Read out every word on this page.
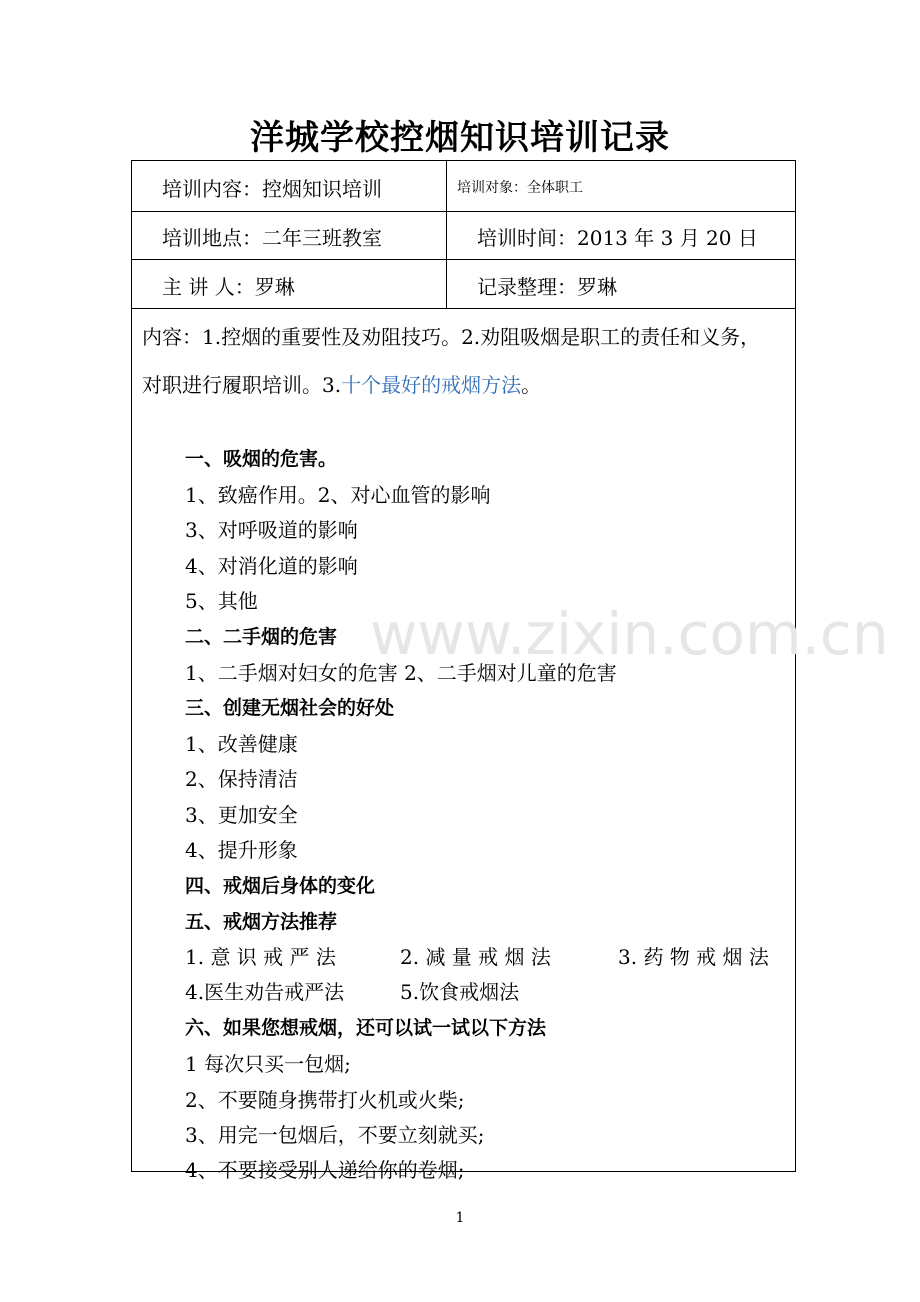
洋城学校控烟知识培训记录
培训内容：控烟知识培训	培训对象：全体职工
培训地点：二年三班教室	培训时间：2013 年 3 月 20 日
主 讲 人：罗琳	记录整理：罗琳
内容：1.控烟的重要性及劝阻技巧。2.劝阻吸烟是职工的责任和义务，
对职进行履职培训。3.十个最好的戒烟方法。
一、吸烟的危害。
1、致癌作用。2、对心血管的影响
3、对呼吸道的影响
4、对消化道的影响
5、其他
二、二手烟的危害
1、二手烟对妇女的危害 2、二手烟对儿童的危害
三、创建无烟社会的好处
1、改善健康
2、保持清洁
3、更加安全
4、提升形象
四、戒烟后身体的变化
五、戒烟方法推荐
1. 意 识 戒 严 法	2. 减 量 戒 烟 法	3. 药 物 戒 烟 法
4.医生劝告戒严法	5.饮食戒烟法
六、如果您想戒烟，还可以试一试以下方法
1 每次只买一包烟;
2、不要随身携带打火机或火柴;
3、用完一包烟后，不要立刻就买;
4、不要接受别人递给你的卷烟;
www.zixin.com.cn
1
